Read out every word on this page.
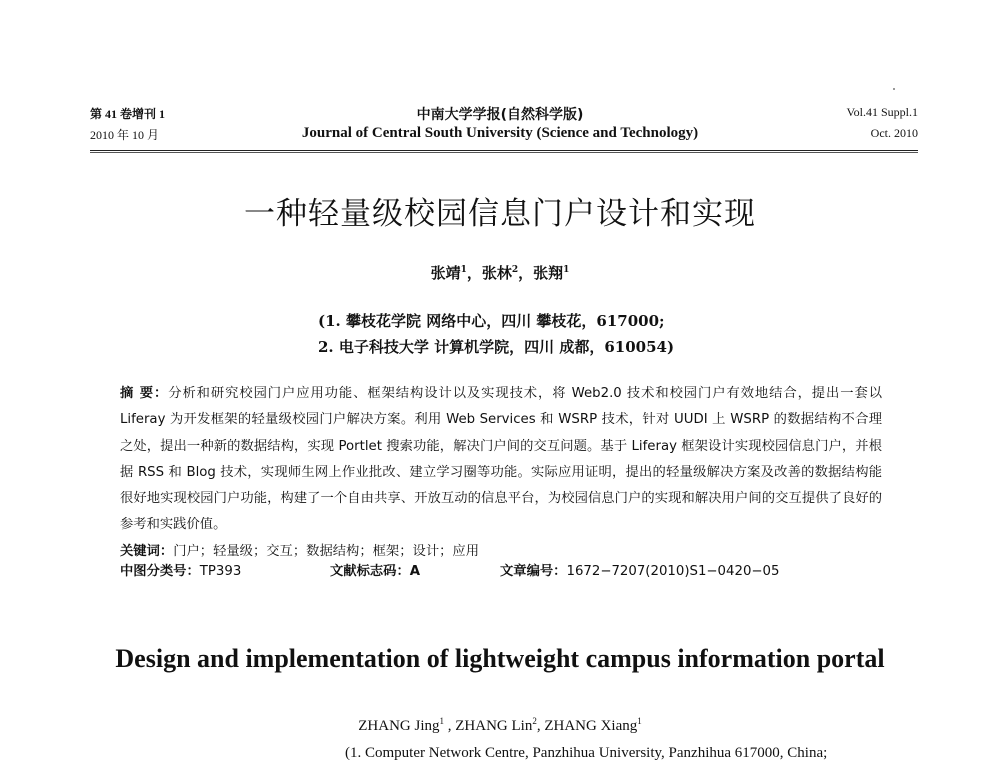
第 41 卷增刊 1
2010 年 10 月
中南大学学报(自然科学版)
Journal of Central South University (Science and Technology)
Vol.41 Suppl.1
Oct. 2010
一种轻量级校园信息门户设计和实现
张靖$^1$，张林$^2$，张翔$^1$
(1. 攀枝花学院 网络中心，四川 攀枝花，617000;
2. 电子科技大学 计算机学院，四川 成都，610054)
摘 要：分析和研究校园门户应用功能、框架结构设计以及实现技术，将 Web2.0 技术和校园门户有效地结合，提出一套以 Liferay 为开发框架的轻量级校园门户解决方案。利用 Web Services 和 WSRP 技术，针对 UUDI 上 WSRP 的数据结构不合理之处，提出一种新的数据结构，实现 Portlet 搜索功能，解决门户间的交互问题。基于 Liferay 框架设计实现校园信息门户，并根据 RSS 和 Blog 技术，实现师生网上作业批改、建立学习圈等功能。实际应用证明，提出的轻量级解决方案及改善的数据结构能很好地实现校园门户功能，构建了一个自由共享、开放互动的信息平台，为校园信息门户的实现和解决用户间的交互提供了良好的参考和实践价值。
关键词：门户；轻量级；交互；数据结构；框架；设计；应用
中图分类号：TP393	文献标志码：A	文章编号：1672−7207(2010)S1−0420−05
Design and implementation of lightweight campus information portal
ZHANG Jing$^1$ , ZHANG Lin$^2$, ZHANG Xiang$^1$
(1. Computer Network Centre, Panzhihua University, Panzhihua 617000, China;
